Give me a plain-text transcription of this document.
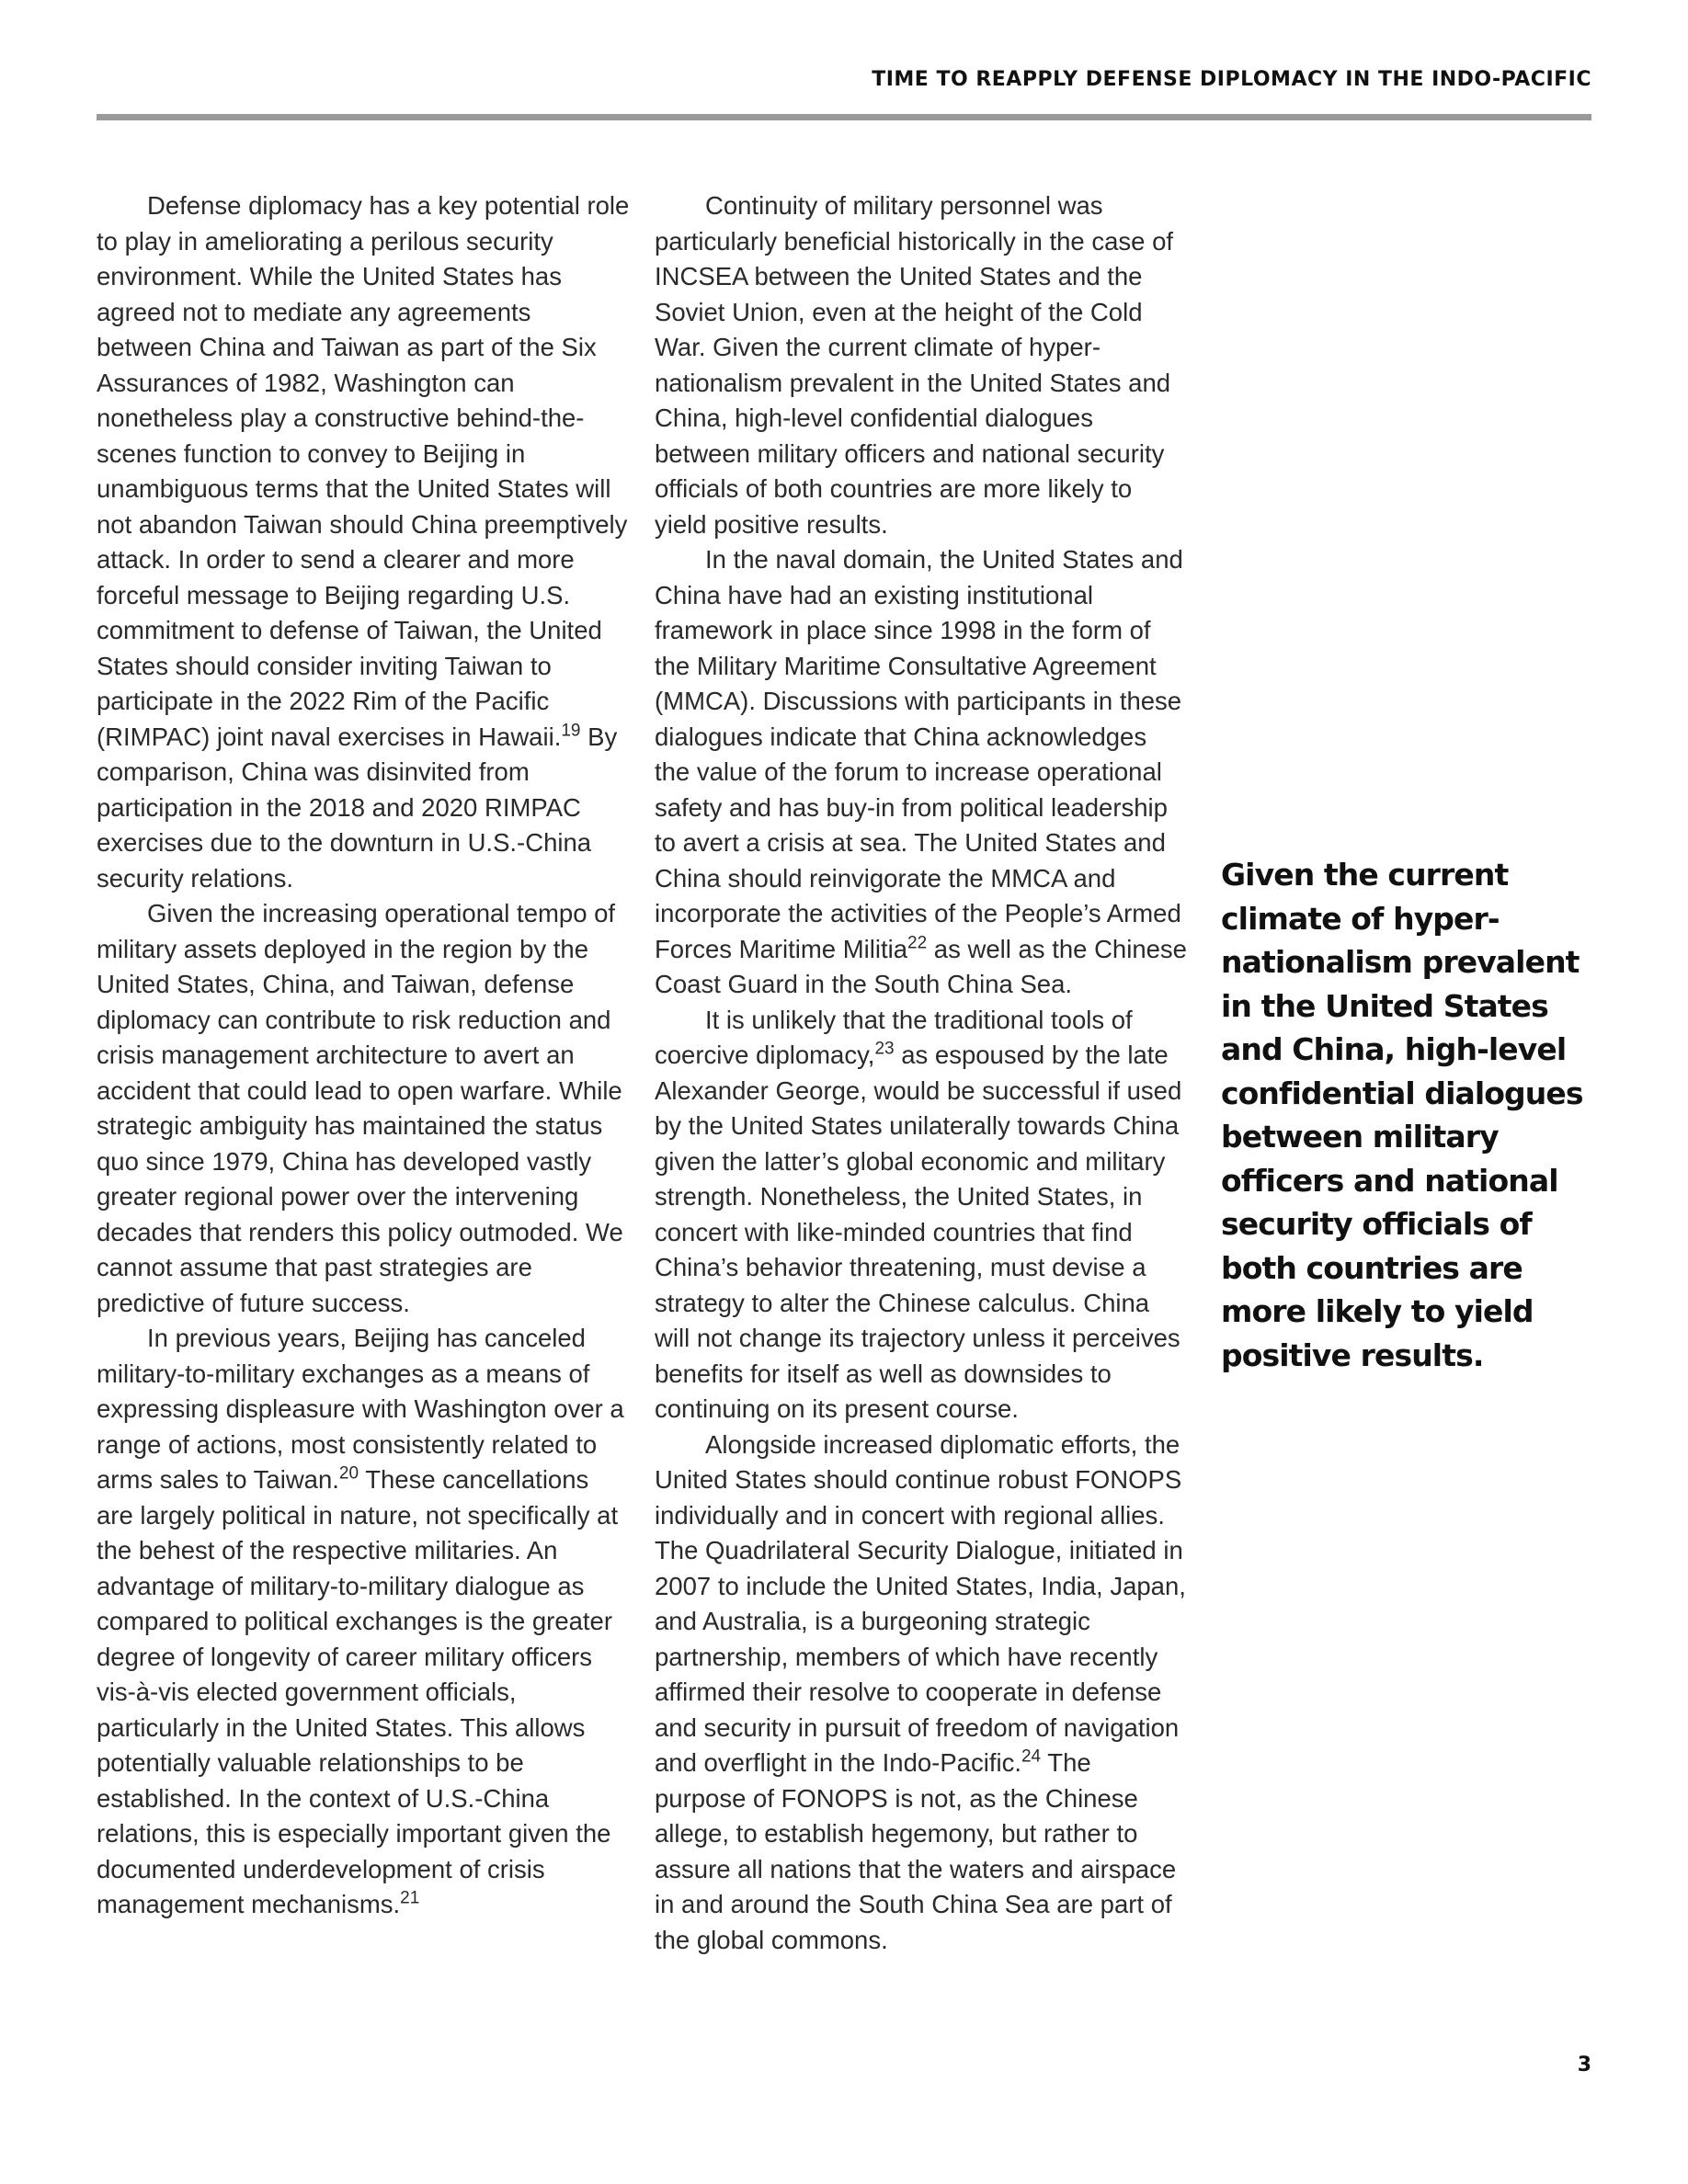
TIME TO REAPPLY DEFENSE DIPLOMACY IN THE INDO-PACIFIC

Defense diplomacy has a key potential role to play in ameliorating a perilous security environment. While the United States has agreed not to mediate any agreements between China and Taiwan as part of the Six Assurances of 1982, Washington can nonetheless play a constructive behind-the-scenes function to convey to Beijing in unambiguous terms that the United States will not abandon Taiwan should China preemptively attack. In order to send a clearer and more forceful message to Beijing regarding U.S. commitment to defense of Taiwan, the United States should consider inviting Taiwan to participate in the 2022 Rim of the Pacific (RIMPAC) joint naval exercises in Hawaii.$^{19}$ By comparison, China was disinvited from participation in the 2018 and 2020 RIMPAC exercises due to the downturn in U.S.-China security relations.

Given the increasing operational tempo of military assets deployed in the region by the United States, China, and Taiwan, defense diplomacy can contribute to risk reduction and crisis management architecture to avert an accident that could lead to open warfare. While strategic ambiguity has maintained the status quo since 1979, China has developed vastly greater regional power over the intervening decades that renders this policy outmoded. We cannot assume that past strategies are predictive of future success.

In previous years, Beijing has canceled military-to-military exchanges as a means of expressing displeasure with Washington over a range of actions, most consistently related to arms sales to Taiwan.$^{20}$ These cancellations are largely political in nature, not specifically at the behest of the respective militaries. An advantage of military-to-military dialogue as compared to political exchanges is the greater degree of longevity of career military officers vis-à-vis elected government officials, particularly in the United States. This allows potentially valuable relationships to be established. In the context of U.S.-China relations, this is especially important given the documented underdevelopment of crisis management mechanisms.$^{21}$

Continuity of military personnel was particularly beneficial historically in the case of INCSEA between the United States and the Soviet Union, even at the height of the Cold War. Given the current climate of hyper-nationalism prevalent in the United States and China, high-level confidential dialogues between military officers and national security officials of both countries are more likely to yield positive results.

In the naval domain, the United States and China have had an existing institutional framework in place since 1998 in the form of the Military Maritime Consultative Agreement (MMCA). Discussions with participants in these dialogues indicate that China acknowledges the value of the forum to increase operational safety and has buy-in from political leadership to avert a crisis at sea. The United States and China should reinvigorate the MMCA and incorporate the activities of the People’s Armed Forces Maritime Militia$^{22}$ as well as the Chinese Coast Guard in the South China Sea.

It is unlikely that the traditional tools of coercive diplomacy,$^{23}$ as espoused by the late Alexander George, would be successful if used by the United States unilaterally towards China given the latter’s global economic and military strength. Nonetheless, the United States, in concert with like-minded countries that find China’s behavior threatening, must devise a strategy to alter the Chinese calculus. China will not change its trajectory unless it perceives benefits for itself as well as downsides to continuing on its present course.

Alongside increased diplomatic efforts, the United States should continue robust FONOPS individually and in concert with regional allies. The Quadrilateral Security Dialogue, initiated in 2007 to include the United States, India, Japan, and Australia, is a burgeoning strategic partnership, members of which have recently affirmed their resolve to cooperate in defense and security in pursuit of freedom of navigation and overflight in the Indo-Pacific.$^{24}$ The purpose of FONOPS is not, as the Chinese allege, to establish hegemony, but rather to assure all nations that the waters and airspace in and around the South China Sea are part of the global commons.

Given the current climate of hyper-nationalism prevalent in the United States and China, high-level confidential dialogues between military officers and national security officials of both countries are more likely to yield positive results.
3
